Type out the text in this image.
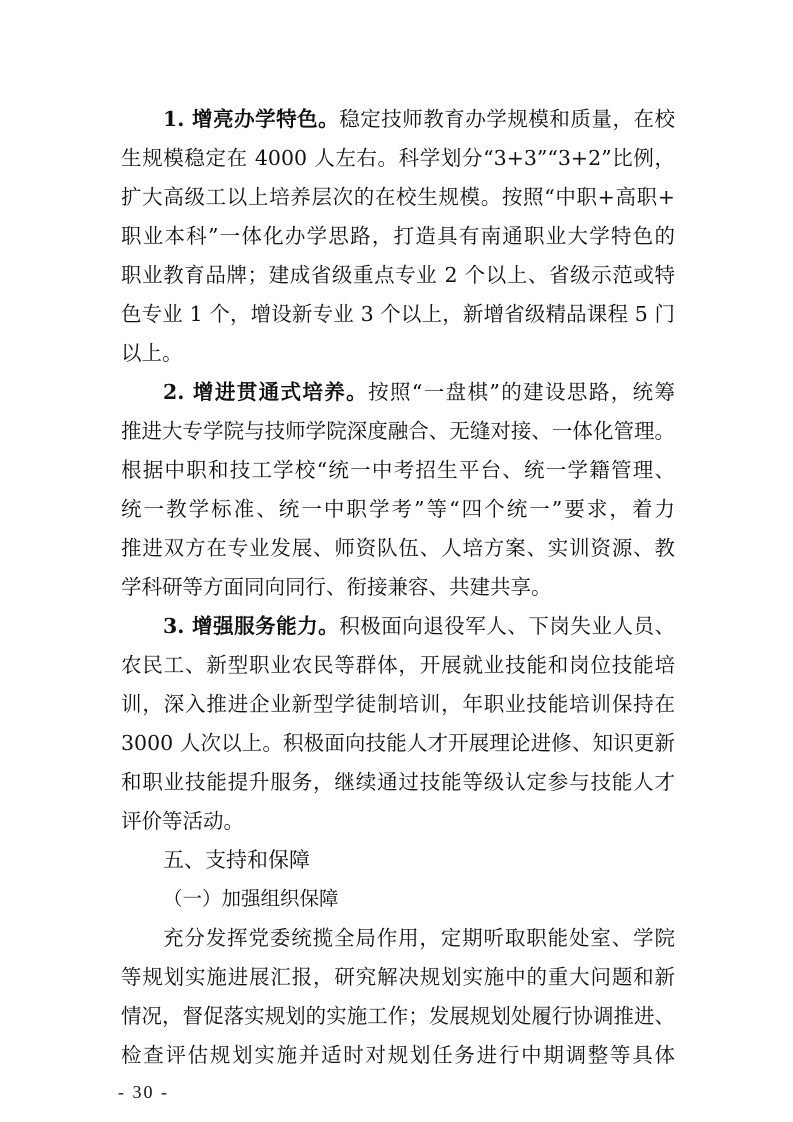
1. 增亮办学特色。稳定技师教育办学规模和质量，在校
生规模稳定在 4000 人左右。科学划分“3+3”“3+2”比例，
扩大高级工以上培养层次的在校生规模。按照“中职+高职+
职业本科”一体化办学思路，打造具有南通职业大学特色的
职业教育品牌；建成省级重点专业 2 个以上、省级示范或特
色专业 1 个，增设新专业 3 个以上，新增省级精品课程 5 门
以上。
2. 增进贯通式培养。按照“一盘棋”的建设思路，统筹
推进大专学院与技师学院深度融合、无缝对接、一体化管理。
根据中职和技工学校“统一中考招生平台、统一学籍管理、
统一教学标准、统一中职学考”等“四个统一”要求，着力
推进双方在专业发展、师资队伍、人培方案、实训资源、教
学科研等方面同向同行、衔接兼容、共建共享。
3. 增强服务能力。积极面向退役军人、下岗失业人员、
农民工、新型职业农民等群体，开展就业技能和岗位技能培
训，深入推进企业新型学徒制培训，年职业技能培训保持在
3000 人次以上。积极面向技能人才开展理论进修、知识更新
和职业技能提升服务，继续通过技能等级认定参与技能人才
评价等活动。
五、支持和保障
（一）加强组织保障
充分发挥党委统揽全局作用，定期听取职能处室、学院
等规划实施进展汇报，研究解决规划实施中的重大问题和新
情况，督促落实规划的实施工作；发展规划处履行协调推进、
检查评估规划实施并适时对规划任务进行中期调整等具体
- 30 -
